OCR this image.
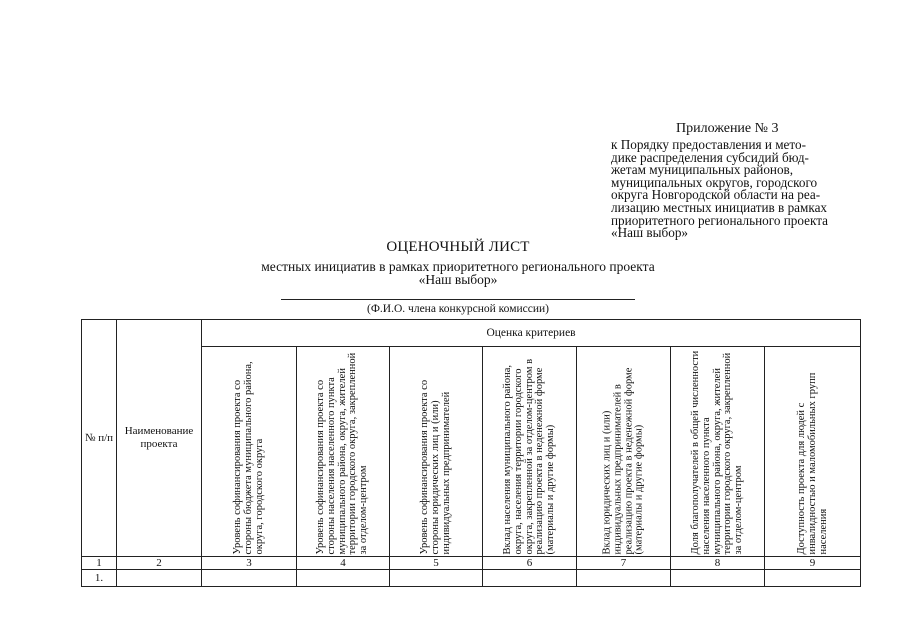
Приложение № 3
к Порядку предоставления и мето-
дике распределения субсидий бюд-
жетам муниципальных районов,
муниципальных округов, городского
округа Новгородской области на реа-
лизацию местных инициатив в рамках
приоритетного регионального проекта
«Наш выбор»
ОЦЕНОЧНЫЙ ЛИСТ
местных инициатив в рамках приоритетного регионального проекта
«Наш выбор»
(Ф.И.О. члена конкурсной комиссии)
№ п/п	Наименование проекта	Оценка критериев						

		Уровень софинансирования проекта со стороны бюджета муниципального района, округа, городского округа	Уровень софинансирования проекта со стороны населения населенного пункта муниципального района, округа, жителей территории городского округа, закрепленной за отделом-центром	Уровень софинансирования проекта со стороны юридических лиц и (или) индивидуальных предпринимателей	Вклад населения муниципального района, округа, населения территории городского округа, закрепленной за отделом-центром в реализацию проекта в неденежной форме (материалы и другие формы)	Вклад юридических лиц и (или) индивидуальных предпринимателей в реализацию проекта в неденежной форме (материалы и другие формы)	Доля благополучателей в общей численности населения населенного пункта муниципального района, округа, жителей территории городского округа, закрепленной за отделом-центром	Доступность проекта для людей с инвалидностью и маломобильных групп населения

1	2	3	4	5	6	7	8	9
1.								
